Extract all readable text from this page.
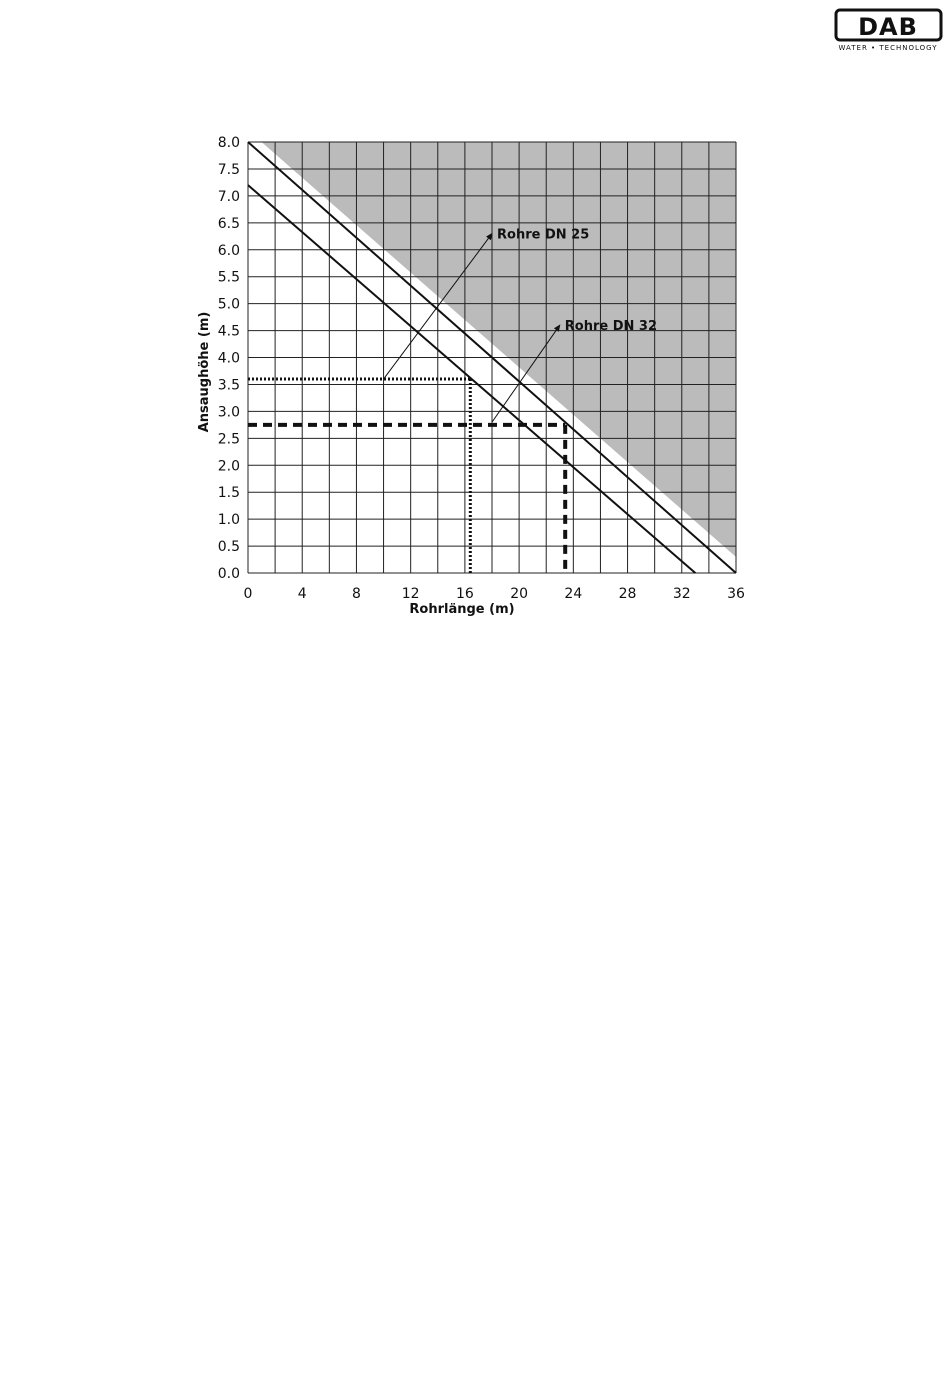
DAB
WATER • TECHNOLOGY
Rohre DN 25
Rohre DN 32
0	4	8	12	16	20	24	28	32	36
0.0
0.5
1.0
1.5
2.0
2.5
3.0
3.5
4.0
4.5
5.0
5.5
6.0
6.5
7.0
7.5
8.0
Rohrlänge (m)
Ansaughöhe (m)
